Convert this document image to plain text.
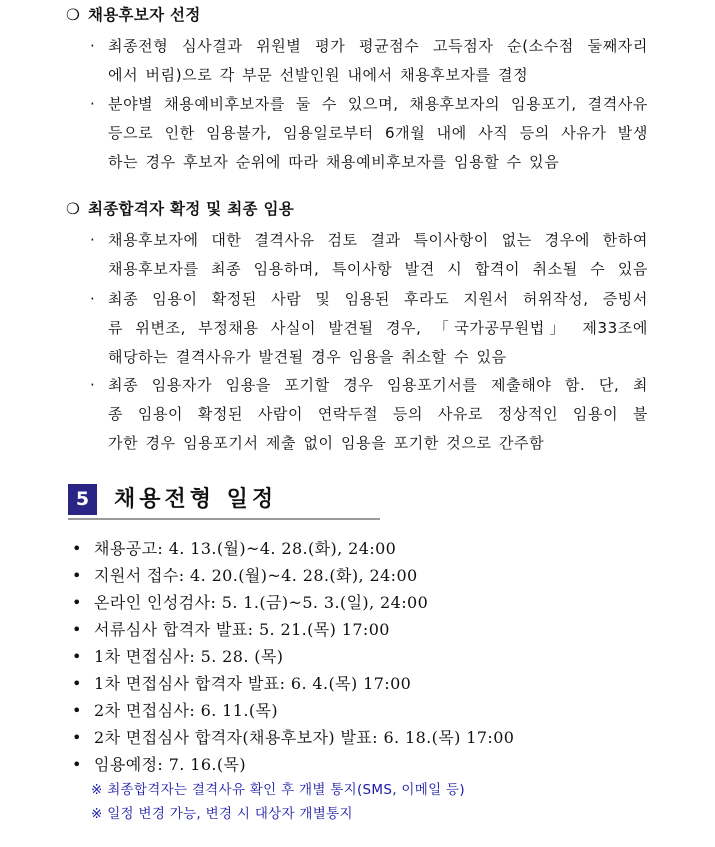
❍ 채용후보자 선정
· 최종전형 심사결과 위원별 평가 평균점수 고득점자 순(소수점 둘째자리
에서 버림)으로 각 부문 선발인원 내에서 채용후보자를 결정
· 분야별 채용예비후보자를 둘 수 있으며, 채용후보자의 임용포기, 결격사유
등으로 인한 임용불가, 임용일로부터 6개월 내에 사직 등의 사유가 발생
하는 경우 후보자 순위에 따라 채용예비후보자를 임용할 수 있음
❍ 최종합격자 확정 및 최종 임용
· 채용후보자에 대한 결격사유 검토 결과 특이사항이 없는 경우에 한하여
채용후보자를 최종 임용하며, 특이사항 발견 시 합격이 취소될 수 있음
· 최종 임용이 확정된 사람 및 임용된 후라도 지원서 허위작성, 증빙서
류 위변조, 부정채용 사실이 발견될 경우, 「국가공무원법」 제33조에
해당하는 결격사유가 발견될 경우 임용을 취소할 수 있음
· 최종 임용자가 임용을 포기할 경우 임용포기서를 제출해야 함. 단, 최
종 임용이 확정된 사람이 연락두절 등의 사유로 정상적인 임용이 불
가한 경우 임용포기서 제출 없이 임용을 포기한 것으로 간주함
5	채용전형 일정
• 채용공고: 4. 13.(월)~4. 28.(화), 24:00
• 지원서 접수: 4. 20.(월)~4. 28.(화), 24:00
• 온라인 인성검사: 5. 1.(금)~5. 3.(일), 24:00
• 서류심사 합격자 발표: 5. 21.(목) 17:00
• 1차 면접심사: 5. 28. (목)
• 1차 면접심사 합격자 발표: 6. 4.(목) 17:00
• 2차 면접심사: 6. 11.(목)
• 2차 면접심사 합격자(채용후보자) 발표: 6. 18.(목) 17:00
• 임용예정: 7. 16.(목)
※ 최종합격자는 결격사유 확인 후 개별 통지(SMS, 이메일 등)
※ 일정 변경 가능, 변경 시 대상자 개별통지
